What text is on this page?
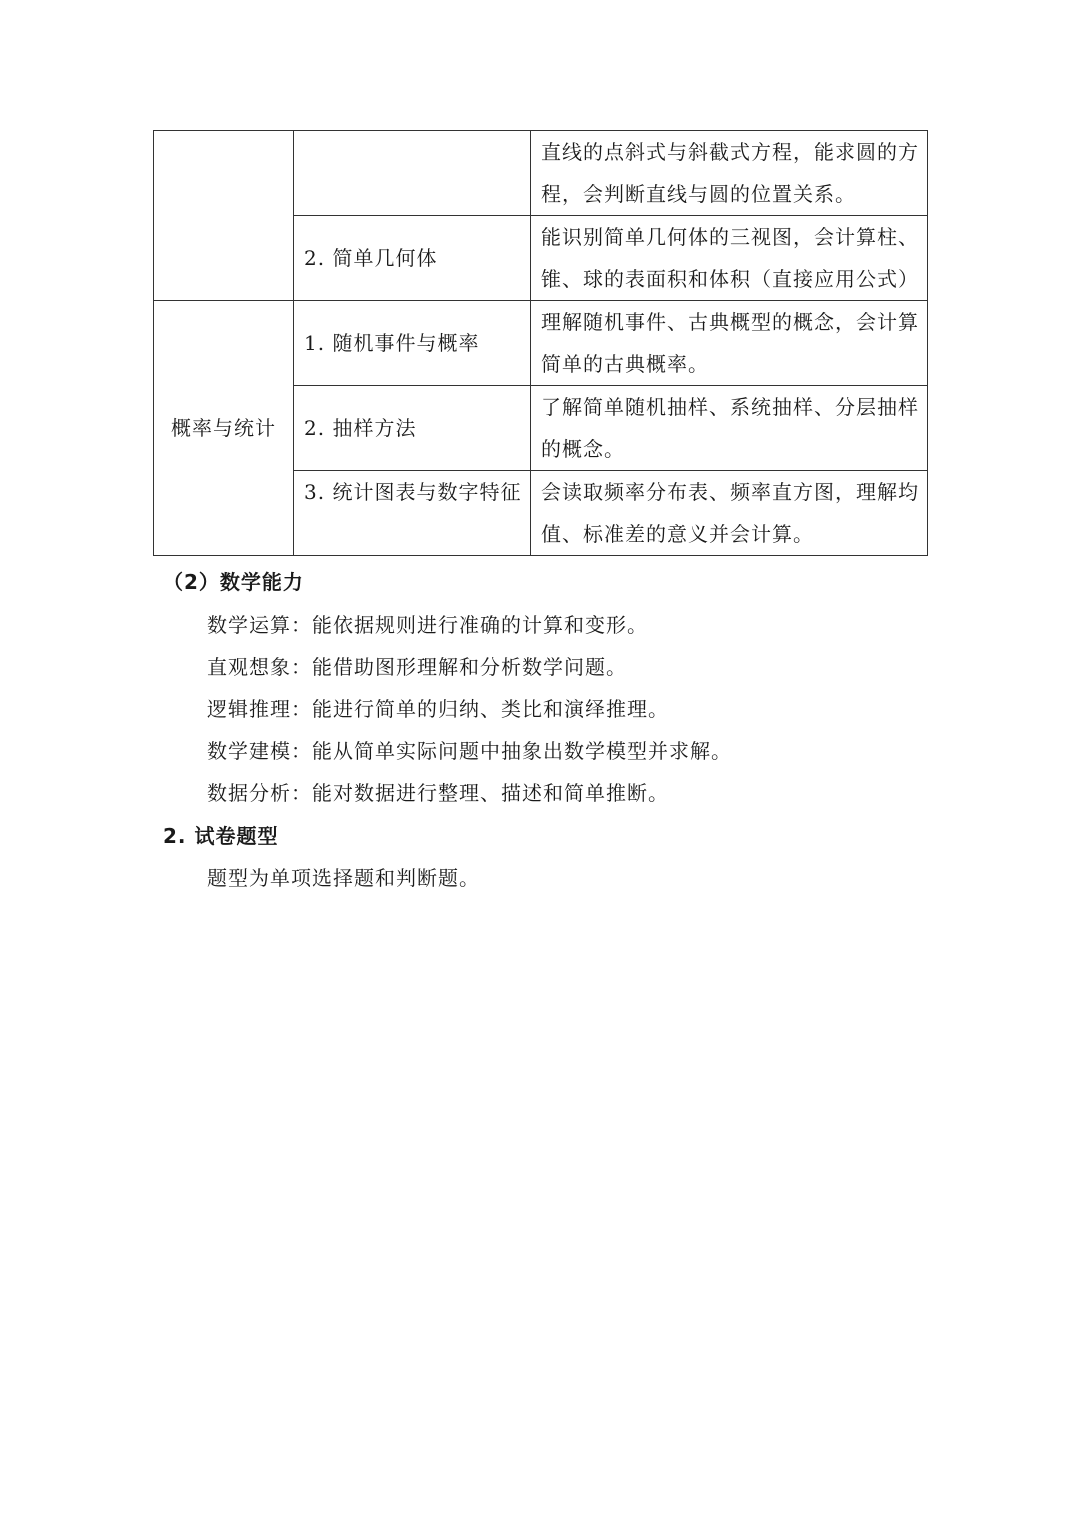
		直线的点斜式与斜截式方程，能求圆的方程，会判断直线与圆的位置关系。

	2. 简单几何体	能识别简单几何体的三视图，会计算柱、锥、球的表面积和体积（直接应用公式）

概率与统计	1. 随机事件与概率	理解随机事件、古典概型的概念，会计算简单的古典概率。

	2. 抽样方法	了解简单随机抽样、系统抽样、分层抽样的概念。

	3. 统计图表与数字特征	会读取频率分布表、频率直方图，理解均值、标准差的意义并会计算。
（2）数学能力
数学运算：能依据规则进行准确的计算和变形。
直观想象：能借助图形理解和分析数学问题。
逻辑推理：能进行简单的归纳、类比和演绎推理。
数学建模：能从简单实际问题中抽象出数学模型并求解。
数据分析：能对数据进行整理、描述和简单推断。
2. 试卷题型
题型为单项选择题和判断题。
